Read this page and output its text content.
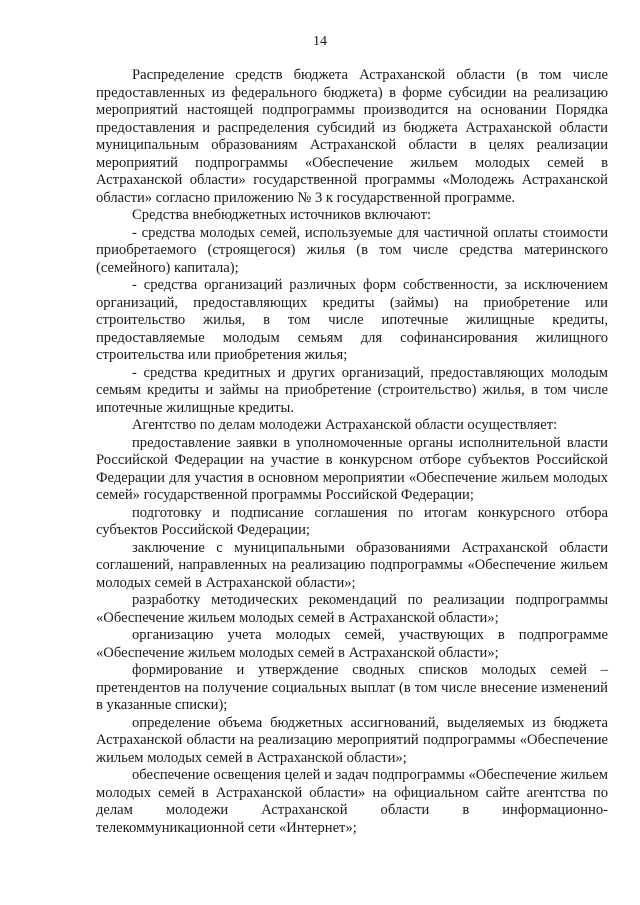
14

Распределение средств бюджета Астраханской области (в том числе предоставленных из федерального бюджета) в форме субсидии на реализацию мероприятий настоящей подпрограммы производится на основании Порядка предоставления и распределения субсидий из бюджета Астраханской области муниципальным образованиям Астраханской области в целях реализации мероприятий подпрограммы «Обеспечение жильем молодых семей в Астраханской области» государственной программы «Молодежь Астраханской области» согласно приложению № 3 к государственной программе.

Средства внебюджетных источников включают:

- средства молодых семей, используемые для частичной оплаты стоимости приобретаемого (строящегося) жилья (в том числе средства материнского (семейного) капитала);

- средства организаций различных форм собственности, за исключением организаций, предоставляющих кредиты (займы) на приобретение или строительство жилья, в том числе ипотечные жилищные кредиты, предоставляемые молодым семьям для софинансирования жилищного строительства или приобретения жилья;

- средства кредитных и других организаций, предоставляющих молодым семьям кредиты и займы на приобретение (строительство) жилья, в том числе ипотечные жилищные кредиты.

Агентство по делам молодежи Астраханской области осуществляет:

предоставление заявки в уполномоченные органы исполнительной власти Российской Федерации на участие в конкурсном отборе субъектов Российской Федерации для участия в основном мероприятии «Обеспечение жильем молодых семей» государственной программы Российской Федерации;

подготовку и подписание соглашения по итогам конкурсного отбора субъектов Российской Федерации;

заключение с муниципальными образованиями Астраханской области соглашений, направленных на реализацию подпрограммы «Обеспечение жильем молодых семей в Астраханской области»;

разработку методических рекомендаций по реализации подпрограммы «Обеспечение жильем молодых семей в Астраханской области»;

организацию учета молодых семей, участвующих в подпрограмме «Обеспечение жильем молодых семей в Астраханской области»;

формирование и утверждение сводных списков молодых семей – претендентов на получение социальных выплат (в том числе внесение изменений в указанные списки);

определение объема бюджетных ассигнований, выделяемых из бюджета Астраханской области на реализацию мероприятий подпрограммы «Обеспечение жильем молодых семей в Астраханской области»;

обеспечение освещения целей и задач подпрограммы «Обеспечение жильем молодых семей в Астраханской области» на официальном сайте агентства по делам молодежи Астраханской области в информационно-телекоммуникационной сети «Интернет»;
